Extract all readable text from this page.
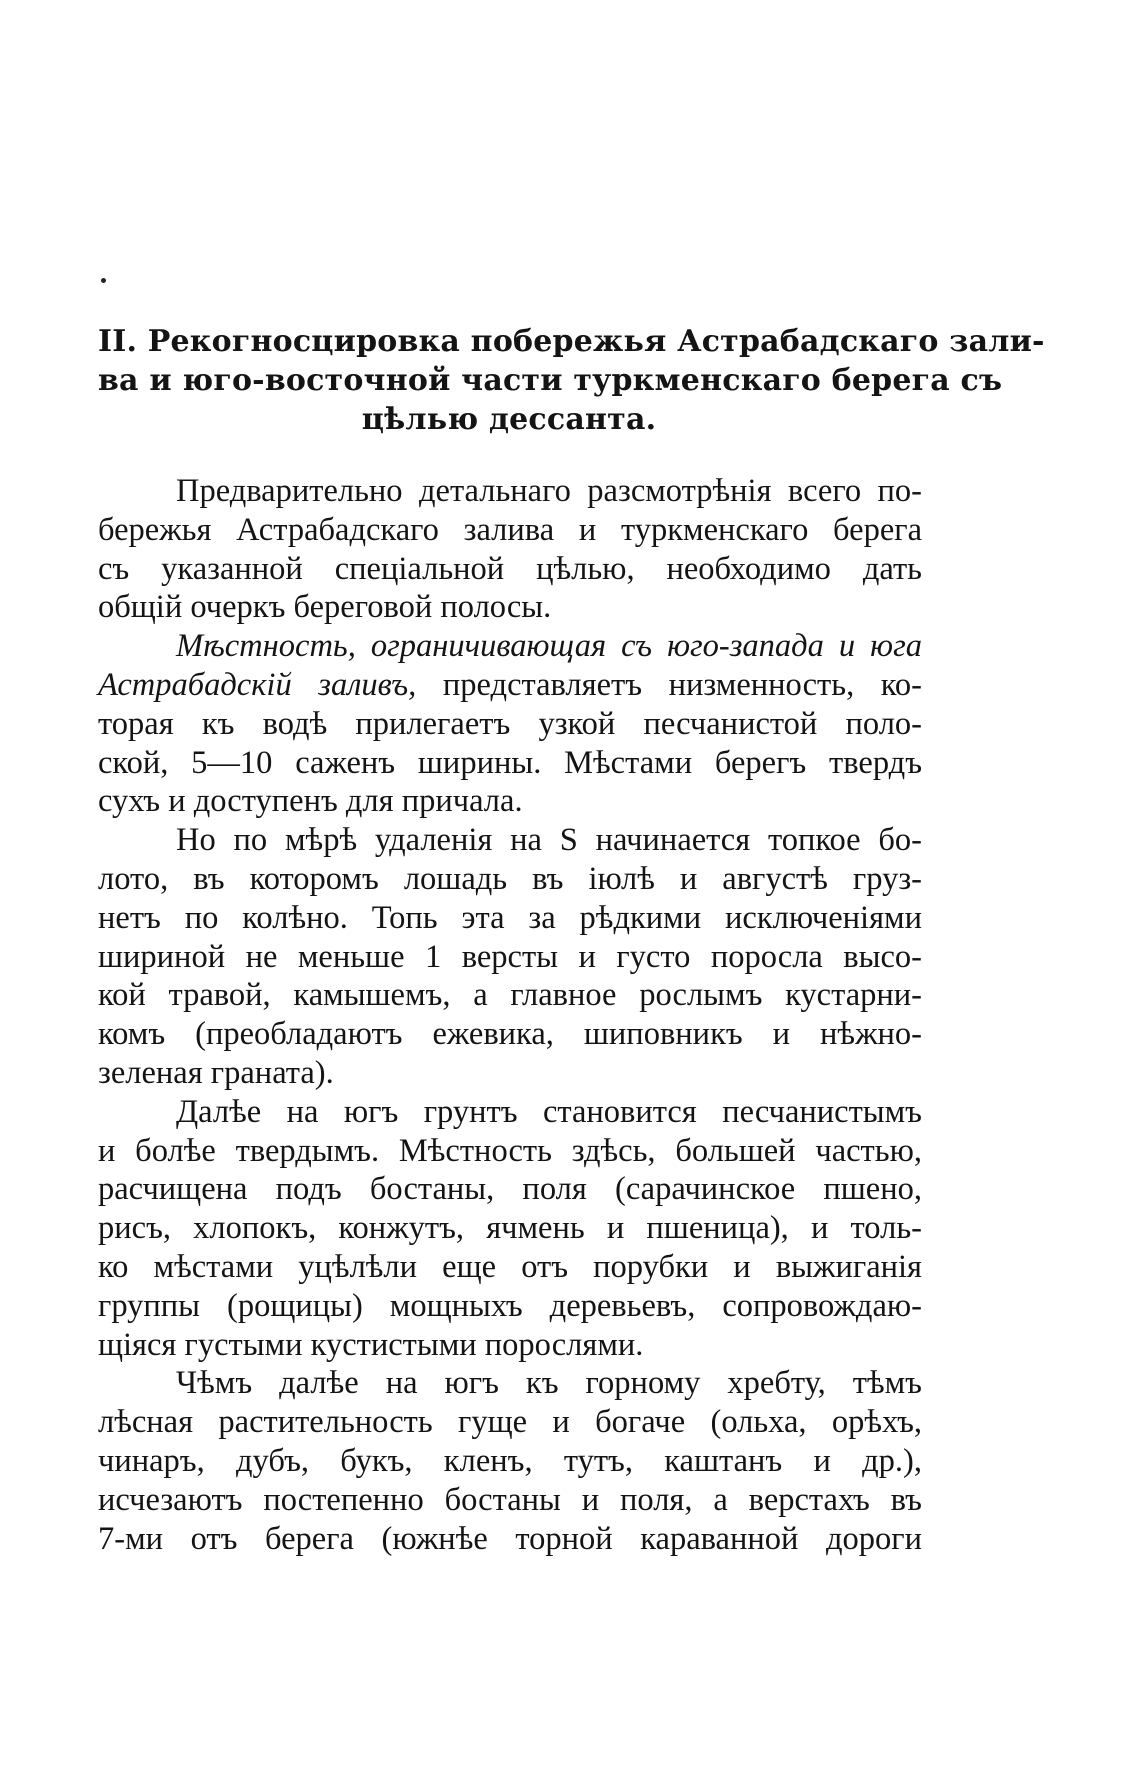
II. Рекогносцировка побережья Астрабадскаго зали-
ва и юго-восточной части туркменскаго берега съ
цѣлью дессанта.
Предварительно детальнаго разсмотрѣнія всего по-
бережья Астрабадскаго залива и туркменскаго берега
съ указанной спеціальной цѣлью, необходимо дать
общій очеркъ береговой полосы.
Мѣстность, ограничивающая съ юго-запада и юга
Астрабадскій заливъ, представляетъ низменность, ко-
торая къ водѣ прилегаетъ узкой песчанистой поло-
ской, 5—10 саженъ ширины. Мѣстами берегъ твердъ
сухъ и доступенъ для причала.
Но по мѣрѣ удаленія на S начинается топкое бо-
лото, въ которомъ лошадь въ іюлѣ и августѣ груз-
нетъ по колѣно. Топь эта за рѣдкими исключеніями
шириной не меньше 1 версты и густо поросла высо-
кой травой, камышемъ, а главное рослымъ кустарни-
комъ (преобладаютъ ежевика, шиповникъ и нѣжно-
зеленая граната).
Далѣе на югъ грунтъ становится песчанистымъ
и болѣе твердымъ. Мѣстность здѣсь, большей частью,
расчищена подъ бостаны, поля (сарачинское пшено,
рисъ, хлопокъ, конжутъ, ячмень и пшеница), и толь-
ко мѣстами уцѣлѣли еще отъ порубки и выжиганія
группы (рощицы) мощныхъ деревьевъ, сопровождаю-
щіяся густыми кустистыми порослями.
Чѣмъ далѣе на югъ къ горному хребту, тѣмъ
лѣсная растительность гуще и богаче (ольха, орѣхъ,
чинаръ, дубъ, букъ, кленъ, тутъ, каштанъ и др.),
исчезаютъ постепенно бостаны и поля, а верстахъ въ
7-ми отъ берега (южнѣе торной караванной дороги
